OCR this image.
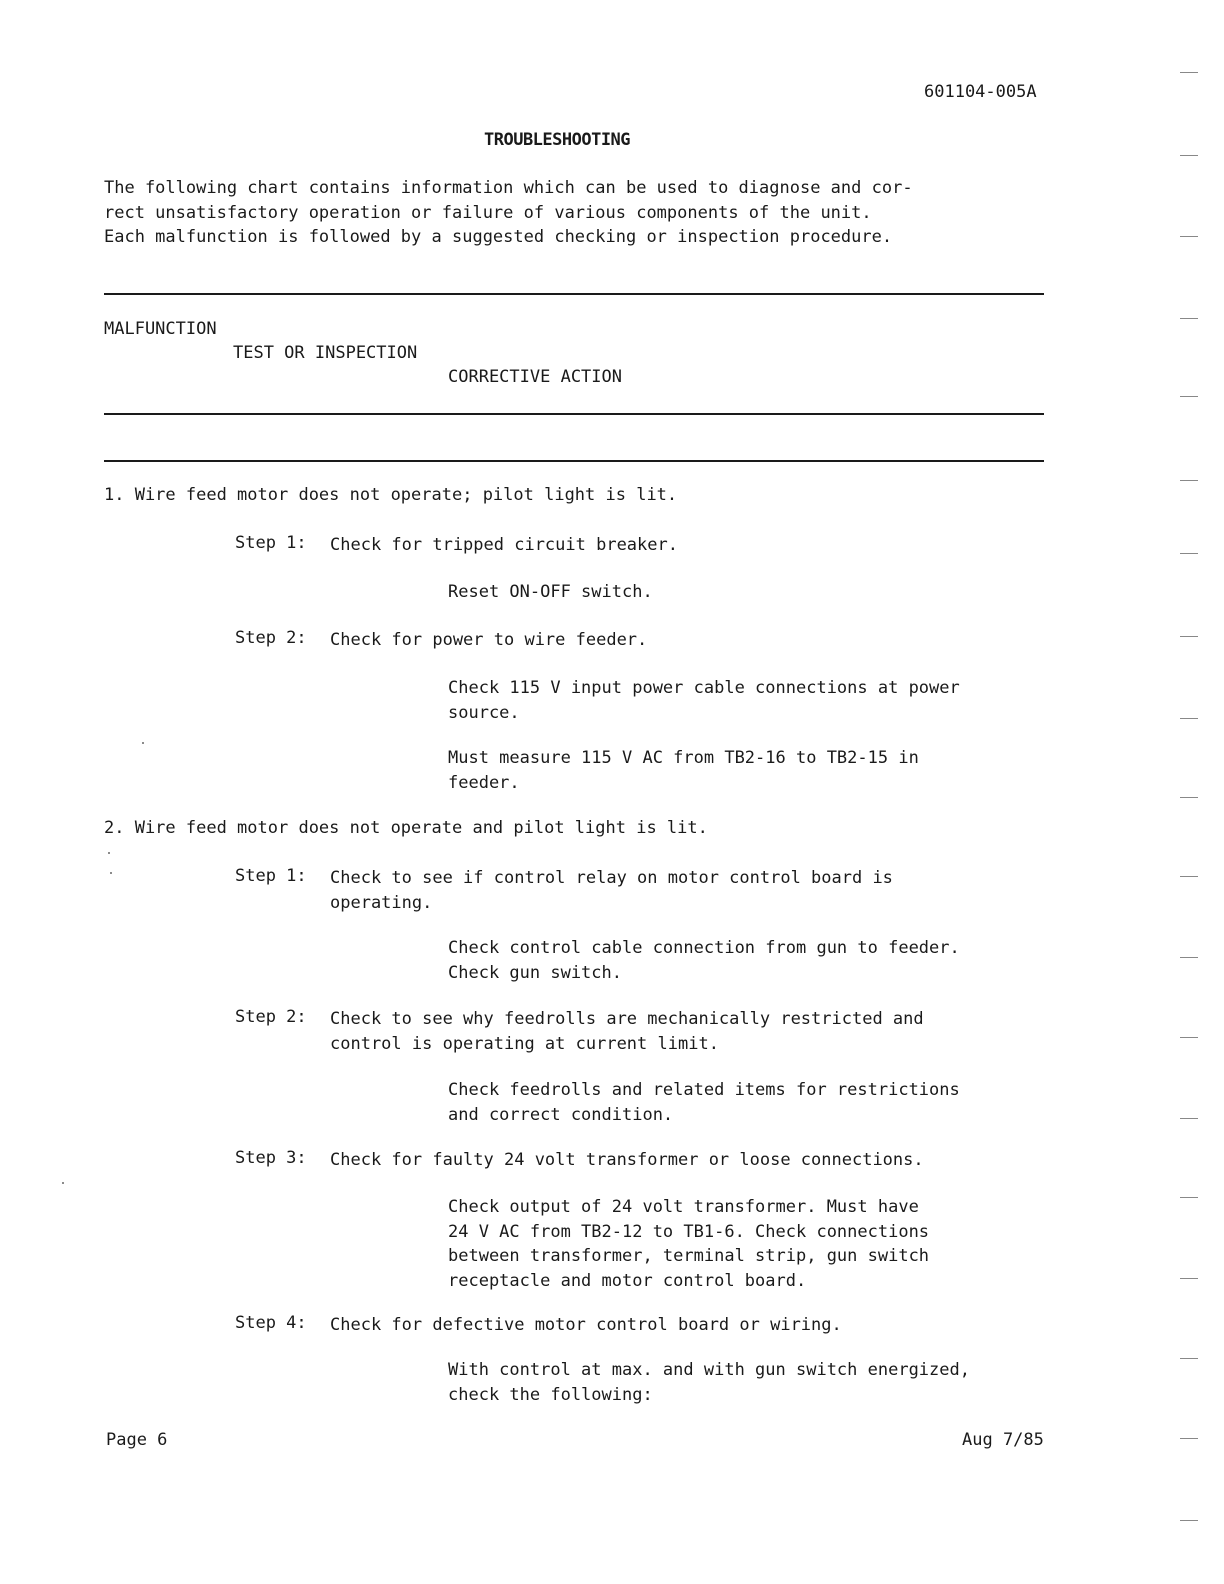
601104-005A
TROUBLESHOOTING
The following chart contains information which can be used to diagnose and cor-
rect unsatisfactory operation or failure of various components of the unit.
Each malfunction is followed by a suggested checking or inspection procedure.
MALFUNCTION
TEST OR INSPECTION
CORRECTIVE ACTION
1. Wire feed motor does not operate; pilot light is lit.
Step 1: Check for tripped circuit breaker.
Reset ON-OFF switch.
Step 2: Check for power to wire feeder.
Check 115 V input power cable connections at power
source.
Must measure 115 V AC from TB2-16 to TB2-15 in
feeder.
2. Wire feed motor does not operate and pilot light is lit.
Step 1: Check to see if control relay on motor control board is
operating.
Check control cable connection from gun to feeder.
Check gun switch.
Step 2: Check to see why feedrolls are mechanically restricted and
control is operating at current limit.
Check feedrolls and related items for restrictions
and correct condition.
Step 3: Check for faulty 24 volt transformer or loose connections.
Check output of 24 volt transformer. Must have
24 V AC from TB2-12 to TB1-6. Check connections
between transformer, terminal strip, gun switch
receptacle and motor control board.
Step 4: Check for defective motor control board or wiring.
With control at max. and with gun switch energized,
check the following:
Page 6	Aug 7/85
